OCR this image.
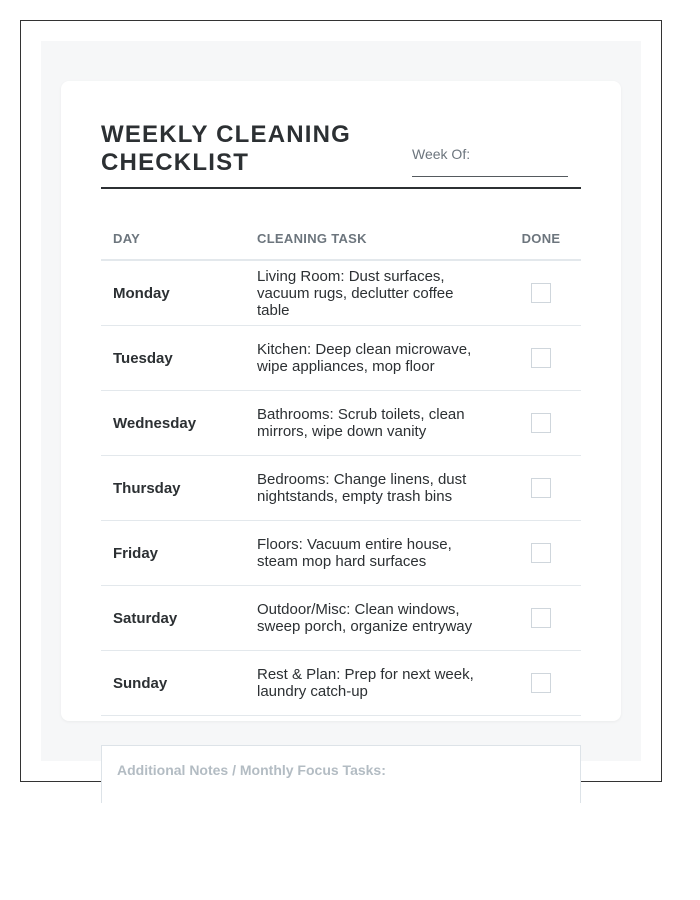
WEEKLY CLEANING CHECKLIST	Week Of:
DAY	CLEANING TASK	DONE
Monday	Living Room: Dust surfaces, vacuum rugs, declutter coffee table	
Tuesday	Kitchen: Deep clean microwave, wipe appliances, mop floor	
Wednesday	Bathrooms: Scrub toilets, clean mirrors, wipe down vanity	
Thursday	Bedrooms: Change linens, dust nightstands, empty trash bins	
Friday	Floors: Vacuum entire house, steam mop hard surfaces	
Saturday	Outdoor/Misc: Clean windows, sweep porch, organize entryway	
Sunday	Rest & Plan: Prep for next week, laundry catch-up	
Additional Notes / Monthly Focus Tasks:
